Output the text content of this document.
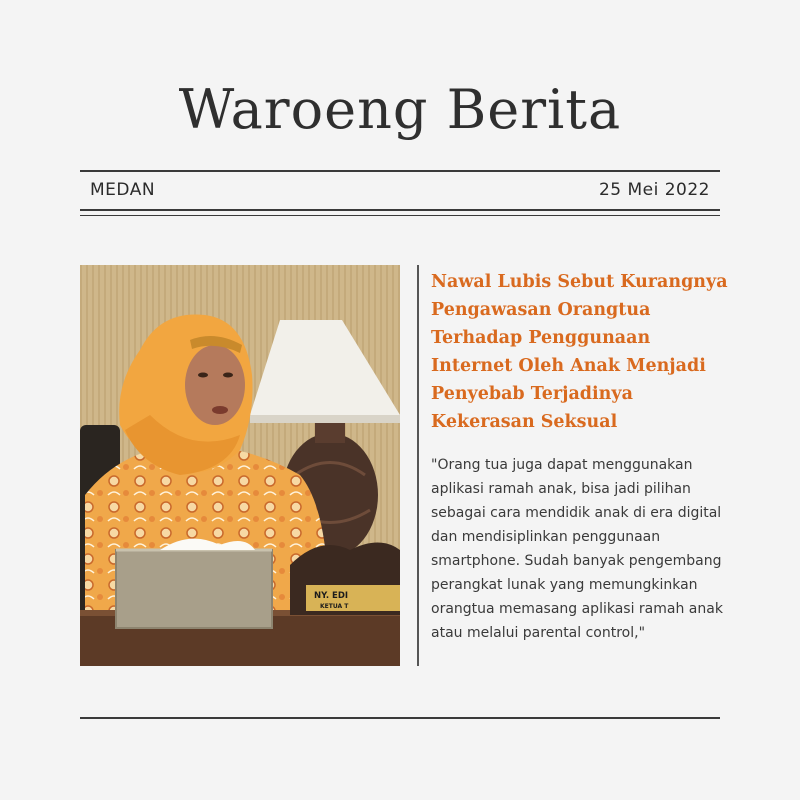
Waroeng Berita
MEDAN	25 Mei 2022
NY. EDI
KETUA T
Nawal Lubis Sebut Kurangnya Pengawasan Orangtua Terhadap Penggunaan Internet Oleh Anak Menjadi Penyebab Terjadinya Kekerasan Seksual
"Orang tua juga dapat menggunakan aplikasi ramah anak, bisa jadi pilihan sebagai cara mendidik anak di era digital dan mendisiplinkan penggunaan smartphone. Sudah banyak pengembang perangkat lunak yang memungkinkan orangtua memasang aplikasi ramah anak atau melalui parental control,"
